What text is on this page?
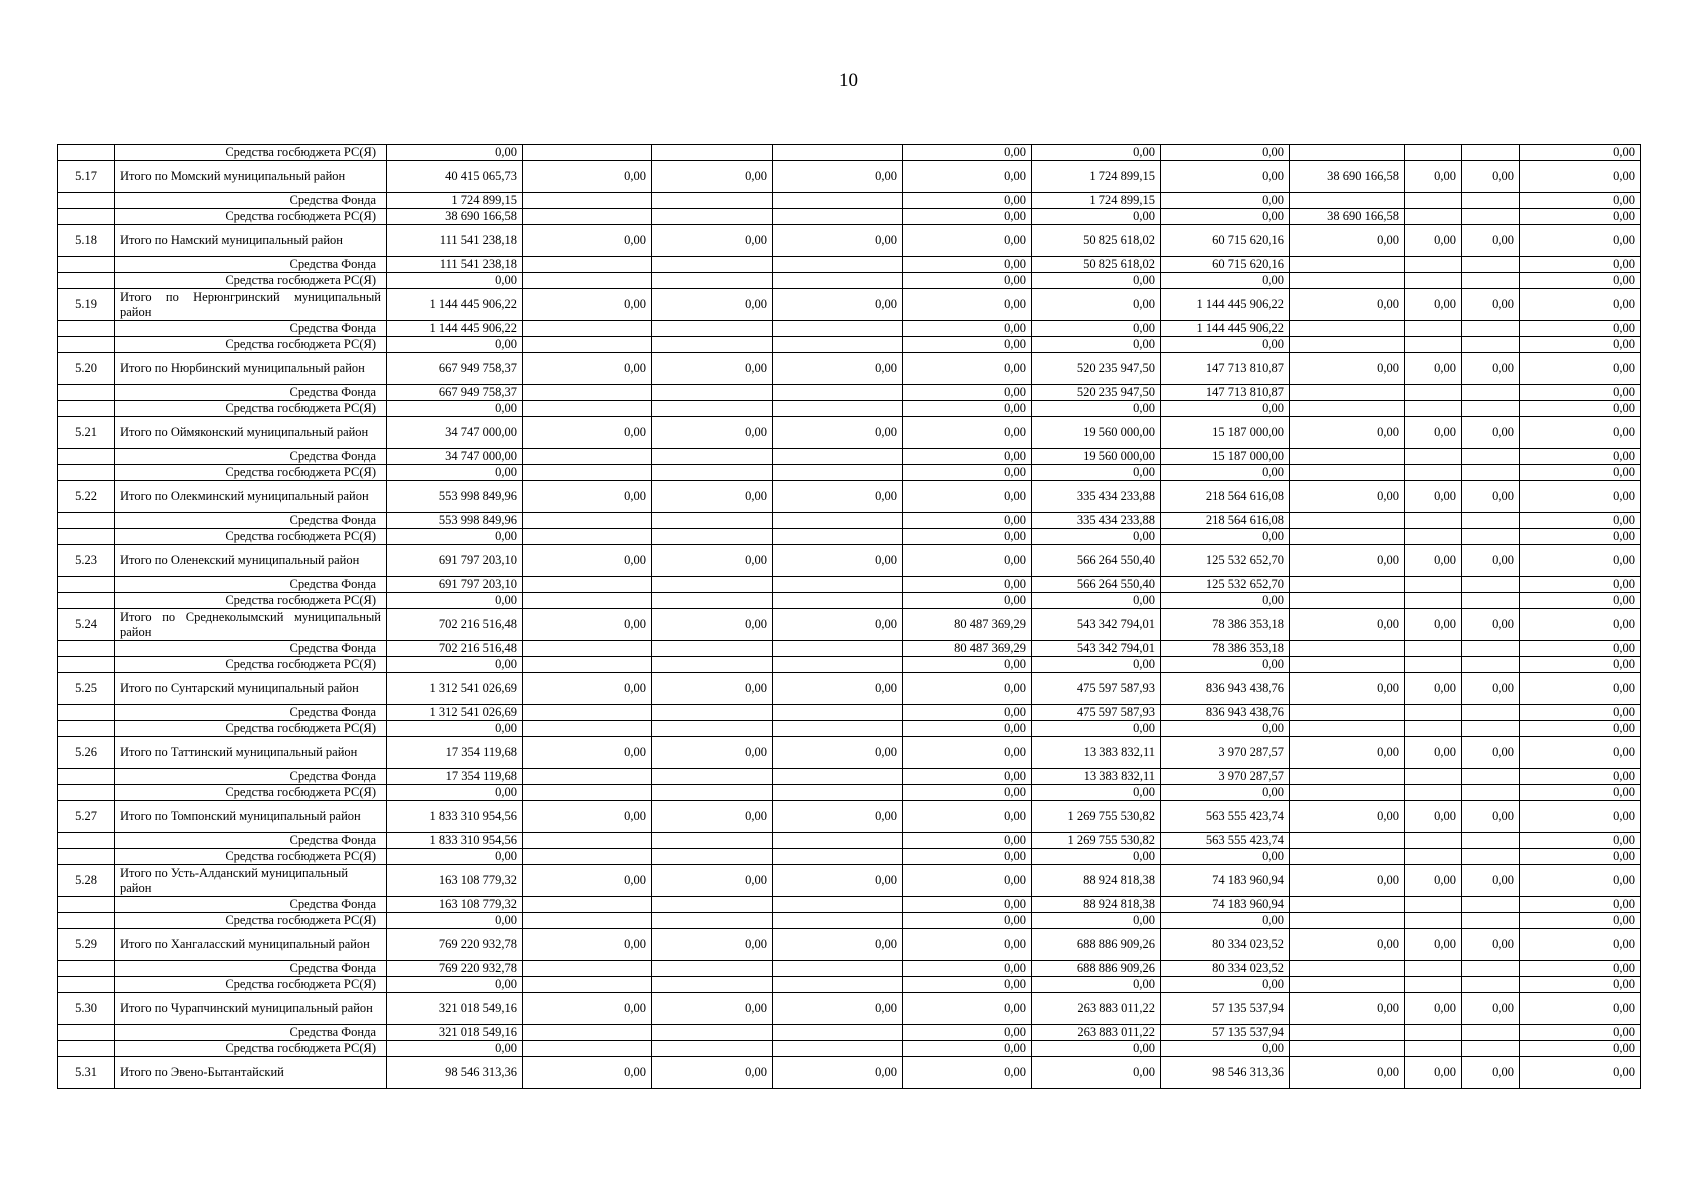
10
	Средства госбюджета РС(Я)	0,00				0,00	0,00	0,00				0,00
5.17	Итого по Момский муниципальный район	40 415 065,73	0,00	0,00	0,00	0,00	1 724 899,15	0,00	38 690 166,58	0,00	0,00	0,00
	Средства Фонда	1 724 899,15				0,00	1 724 899,15	0,00				0,00
	Средства госбюджета РС(Я)	38 690 166,58				0,00	0,00	0,00	38 690 166,58			0,00
5.18	Итого по Намский муниципальный район	111 541 238,18	0,00	0,00	0,00	0,00	50 825 618,02	60 715 620,16	0,00	0,00	0,00	0,00
	Средства Фонда	111 541 238,18				0,00	50 825 618,02	60 715 620,16				0,00
	Средства госбюджета РС(Я)	0,00				0,00	0,00	0,00				0,00
5.19	Итого по Нерюнгринский муниципальный район	1 144 445 906,22	0,00	0,00	0,00	0,00	0,00	1 144 445 906,22	0,00	0,00	0,00	0,00
	Средства Фонда	1 144 445 906,22				0,00	0,00	1 144 445 906,22				0,00
	Средства госбюджета РС(Я)	0,00				0,00	0,00	0,00				0,00
5.20	Итого по Нюрбинский муниципальный район	667 949 758,37	0,00	0,00	0,00	0,00	520 235 947,50	147 713 810,87	0,00	0,00	0,00	0,00
	Средства Фонда	667 949 758,37				0,00	520 235 947,50	147 713 810,87				0,00
	Средства госбюджета РС(Я)	0,00				0,00	0,00	0,00				0,00
5.21	Итого по Оймяконский муниципальный район	34 747 000,00	0,00	0,00	0,00	0,00	19 560 000,00	15 187 000,00	0,00	0,00	0,00	0,00
	Средства Фонда	34 747 000,00				0,00	19 560 000,00	15 187 000,00				0,00
	Средства госбюджета РС(Я)	0,00				0,00	0,00	0,00				0,00
5.22	Итого по Олекминский муниципальный район	553 998 849,96	0,00	0,00	0,00	0,00	335 434 233,88	218 564 616,08	0,00	0,00	0,00	0,00
	Средства Фонда	553 998 849,96				0,00	335 434 233,88	218 564 616,08				0,00
	Средства госбюджета РС(Я)	0,00				0,00	0,00	0,00				0,00
5.23	Итого по Оленекский муниципальный район	691 797 203,10	0,00	0,00	0,00	0,00	566 264 550,40	125 532 652,70	0,00	0,00	0,00	0,00
	Средства Фонда	691 797 203,10				0,00	566 264 550,40	125 532 652,70				0,00
	Средства госбюджета РС(Я)	0,00				0,00	0,00	0,00				0,00
5.24	Итого по Среднеколымский муниципальный район	702 216 516,48	0,00	0,00	0,00	80 487 369,29	543 342 794,01	78 386 353,18	0,00	0,00	0,00	0,00
	Средства Фонда	702 216 516,48				80 487 369,29	543 342 794,01	78 386 353,18				0,00
	Средства госбюджета РС(Я)	0,00				0,00	0,00	0,00				0,00
5.25	Итого по Сунтарский муниципальный район	1 312 541 026,69	0,00	0,00	0,00	0,00	475 597 587,93	836 943 438,76	0,00	0,00	0,00	0,00
	Средства Фонда	1 312 541 026,69				0,00	475 597 587,93	836 943 438,76				0,00
	Средства госбюджета РС(Я)	0,00				0,00	0,00	0,00				0,00
5.26	Итого по Таттинский муниципальный район	17 354 119,68	0,00	0,00	0,00	0,00	13 383 832,11	3 970 287,57	0,00	0,00	0,00	0,00
	Средства Фонда	17 354 119,68				0,00	13 383 832,11	3 970 287,57				0,00
	Средства госбюджета РС(Я)	0,00				0,00	0,00	0,00				0,00
5.27	Итого по Томпонский муниципальный район	1 833 310 954,56	0,00	0,00	0,00	0,00	1 269 755 530,82	563 555 423,74	0,00	0,00	0,00	0,00
	Средства Фонда	1 833 310 954,56				0,00	1 269 755 530,82	563 555 423,74				0,00
	Средства госбюджета РС(Я)	0,00				0,00	0,00	0,00				0,00
5.28	Итого по Усть-Алданский муниципальный район	163 108 779,32	0,00	0,00	0,00	0,00	88 924 818,38	74 183 960,94	0,00	0,00	0,00	0,00
	Средства Фонда	163 108 779,32				0,00	88 924 818,38	74 183 960,94				0,00
	Средства госбюджета РС(Я)	0,00				0,00	0,00	0,00				0,00
5.29	Итого по Хангаласский муниципальный район	769 220 932,78	0,00	0,00	0,00	0,00	688 886 909,26	80 334 023,52	0,00	0,00	0,00	0,00
	Средства Фонда	769 220 932,78				0,00	688 886 909,26	80 334 023,52				0,00
	Средства госбюджета РС(Я)	0,00				0,00	0,00	0,00				0,00
5.30	Итого по Чурапчинский муниципальный район	321 018 549,16	0,00	0,00	0,00	0,00	263 883 011,22	57 135 537,94	0,00	0,00	0,00	0,00
	Средства Фонда	321 018 549,16				0,00	263 883 011,22	57 135 537,94				0,00
	Средства госбюджета РС(Я)	0,00				0,00	0,00	0,00				0,00
5.31	Итого по Эвено-Бытантайский	98 546 313,36	0,00	0,00	0,00	0,00	0,00	98 546 313,36	0,00	0,00	0,00	0,00
